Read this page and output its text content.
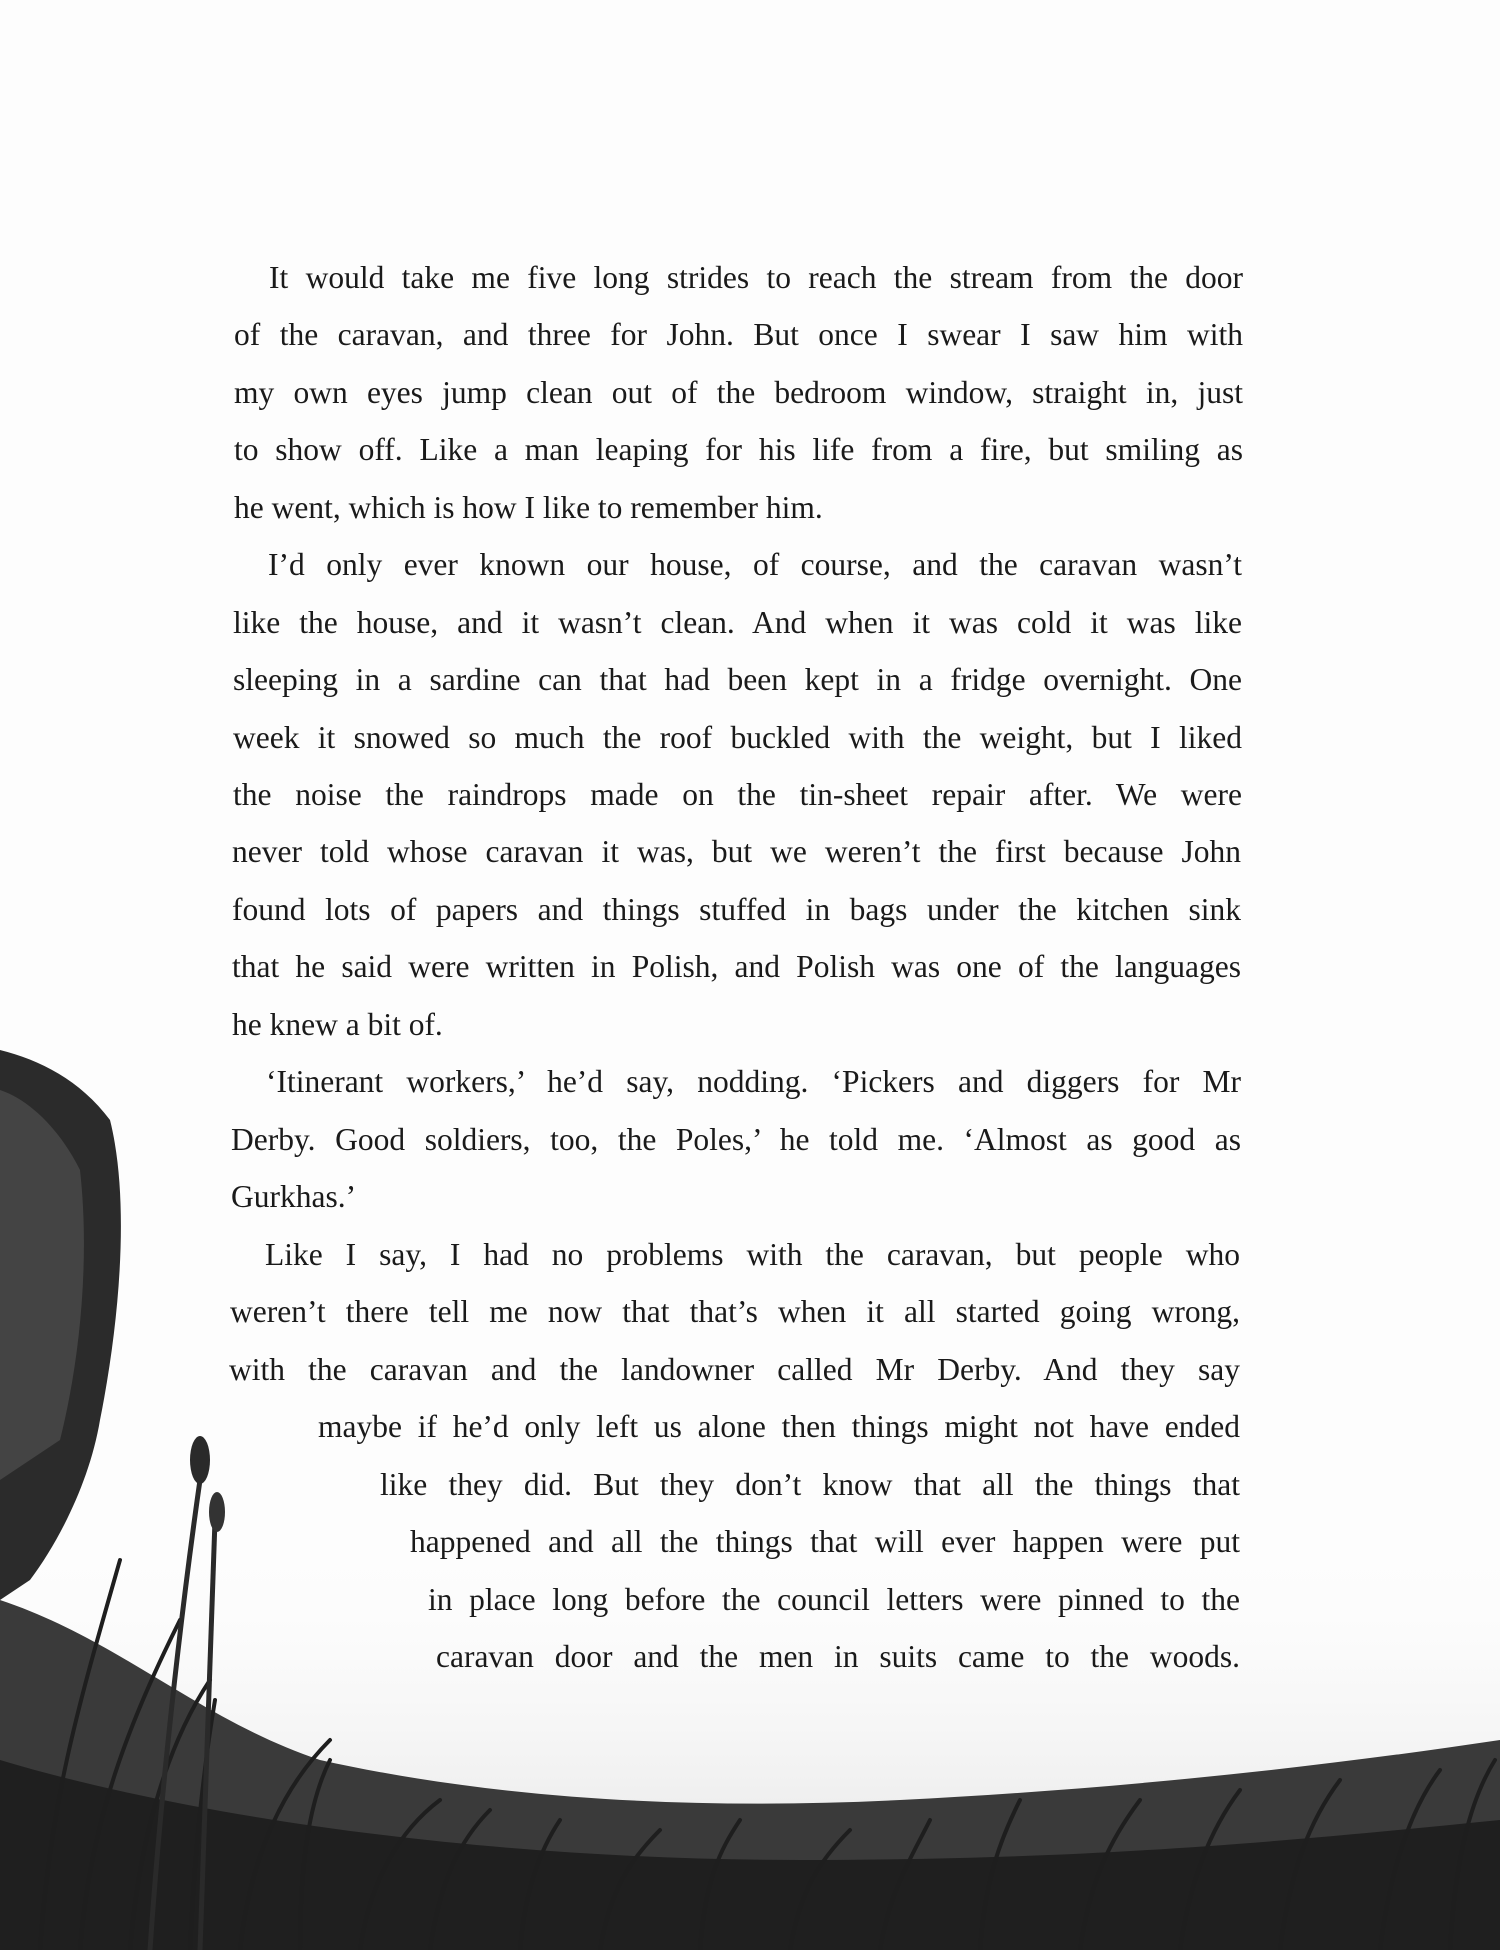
It would take me five long strides to reach the stream from the door
of the caravan, and three for John. But once I swear I saw him with
my own eyes jump clean out of the bedroom window, straight in, just
to show off. Like a man leaping for his life from a fire, but smiling as
he went, which is how I like to remember him.
I’d only ever known our house, of course, and the caravan wasn’t
like the house, and it wasn’t clean. And when it was cold it was like
sleeping in a sardine can that had been kept in a fridge overnight. One
week it snowed so much the roof buckled with the weight, but I liked
the noise the raindrops made on the tin-sheet repair after. We were
never told whose caravan it was, but we weren’t the first because John
found lots of papers and things stuffed in bags under the kitchen sink
that he said were written in Polish, and Polish was one of the languages
he knew a bit of.
‘Itinerant workers,’ he’d say, nodding. ‘Pickers and diggers for Mr
Derby. Good soldiers, too, the Poles,’ he told me. ‘Almost as good as
Gurkhas.’
Like I say, I had no problems with the caravan, but people who
weren’t there tell me now that that’s when it all started going wrong,
with the caravan and the landowner called Mr Derby. And they say
maybe if he’d only left us alone then things might not have ended
like they did. But they don’t know that all the things that
happened and all the things that will ever happen were put
in place long before the council letters were pinned to the
caravan door and the men in suits came to the woods.
